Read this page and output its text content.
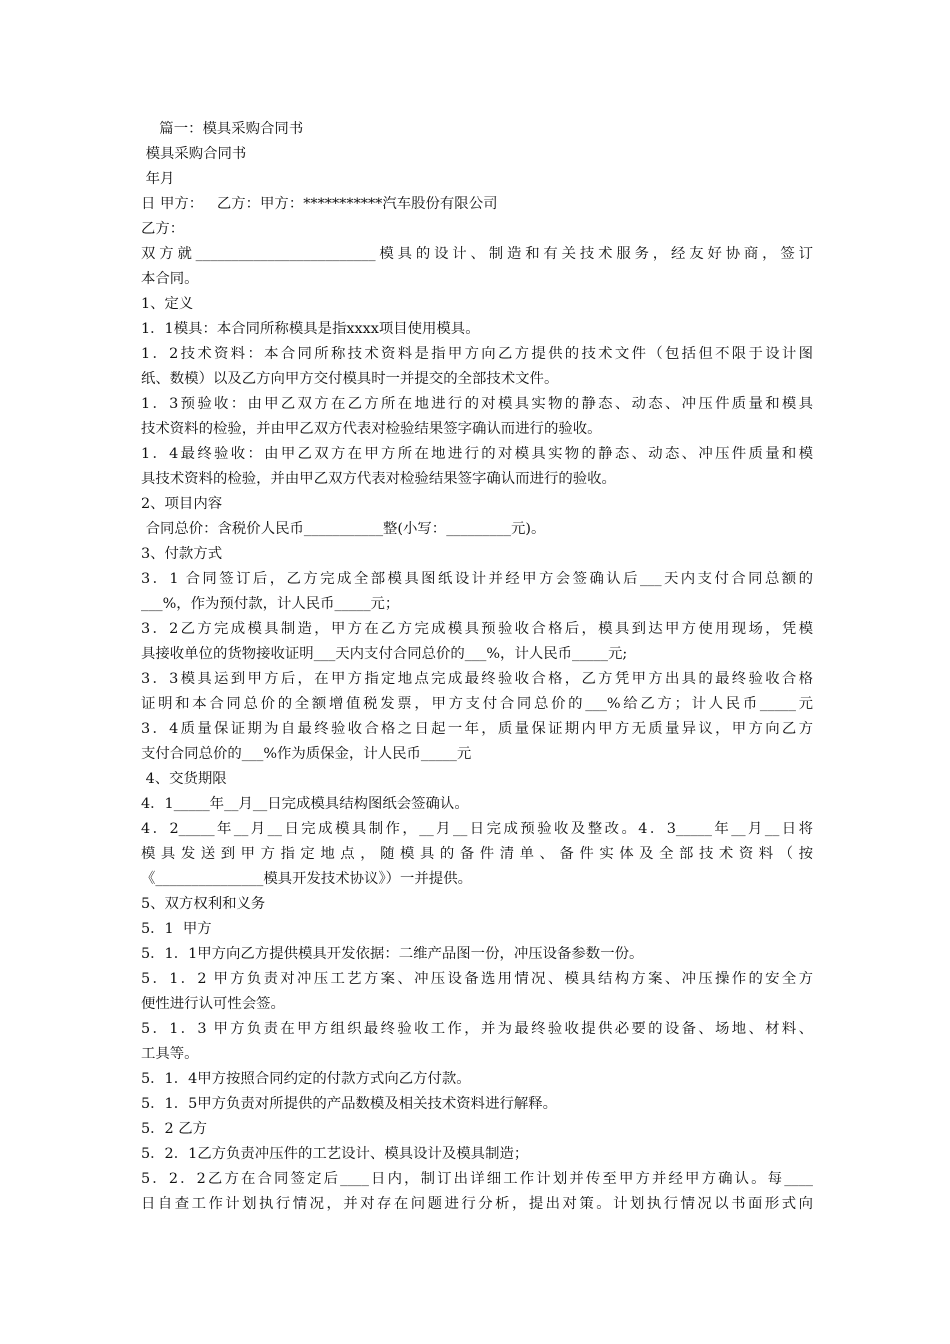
篇一：模具采购合同书
模具采购合同书
年月
日 甲方：   乙方：甲方：***********汽车股份有限公司
乙方：
双方就_________________________模具的设计、制造和有关技术服务，经友好协商，签订
本合同。
1、定义
1．1模具：本合同所称模具是指xxxx项目使用模具。
1．2技术资料：本合同所称技术资料是指甲方向乙方提供的技术文件（包括但不限于设计图
纸、数模）以及乙方向甲方交付模具时一并提交的全部技术文件。
1．3预验收：由甲乙双方在乙方所在地进行的对模具实物的静态、动态、冲压件质量和模具
技术资料的检验，并由甲乙双方代表对检验结果签字确认而进行的验收。
1．4最终验收：由甲乙双方在甲方所在地进行的对模具实物的静态、动态、冲压件质量和模
具技术资料的检验，并由甲乙双方代表对检验结果签字确认而进行的验收。
2、项目内容
合同总价：含税价人民币___________整(小写：_________元)。
3、付款方式
3．1 合同签订后，乙方完成全部模具图纸设计并经甲方会签确认后___天内支付合同总额的
___%，作为预付款，计人民币_____元；
3．2乙方完成模具制造，甲方在乙方完成模具预验收合格后，模具到达甲方使用现场，凭模
具接收单位的货物接收证明___天内支付合同总价的___%，计人民币_____元;
3．3模具运到甲方后，在甲方指定地点完成最终验收合格，乙方凭甲方出具的最终验收合格
证明和本合同总价的全额增值税发票，甲方支付合同总价的___%给乙方；计人民币_____元
3．4质量保证期为自最终验收合格之日起一年，质量保证期内甲方无质量异议，甲方向乙方
支付合同总价的___%作为质保金，计人民币_____元
4、交货期限
4．1_____年__月__日完成模具结构图纸会签确认。
4．2_____年__月__日完成模具制作，__月__日完成预验收及整改。4．3_____年__月__日将
模具发送到甲方指定地点，随模具的备件清单、备件实体及全部技术资料（按
《_______________模具开发技术协议》）一并提供。
5、双方权利和义务
5．1  甲方
5．1．1甲方向乙方提供模具开发依据：二维产品图一份，冲压设备参数一份。
5．1．2 甲方负责对冲压工艺方案、冲压设备选用情况、模具结构方案、冲压操作的安全方
便性进行认可性会签。
5．1．3 甲方负责在甲方组织最终验收工作，并为最终验收提供必要的设备、场地、材料、
工具等。
5．1．4甲方按照合同约定的付款方式向乙方付款。
5．1．5甲方负责对所提供的产品数模及相关技术资料进行解释。
5．2 乙方
5．2．1乙方负责冲压件的工艺设计、模具设计及模具制造；
5．2．2乙方在合同签定后____日内，制订出详细工作计划并传至甲方并经甲方确认。每____
日自查工作计划执行情况，并对存在问题进行分析，提出对策。计划执行情况以书面形式向
